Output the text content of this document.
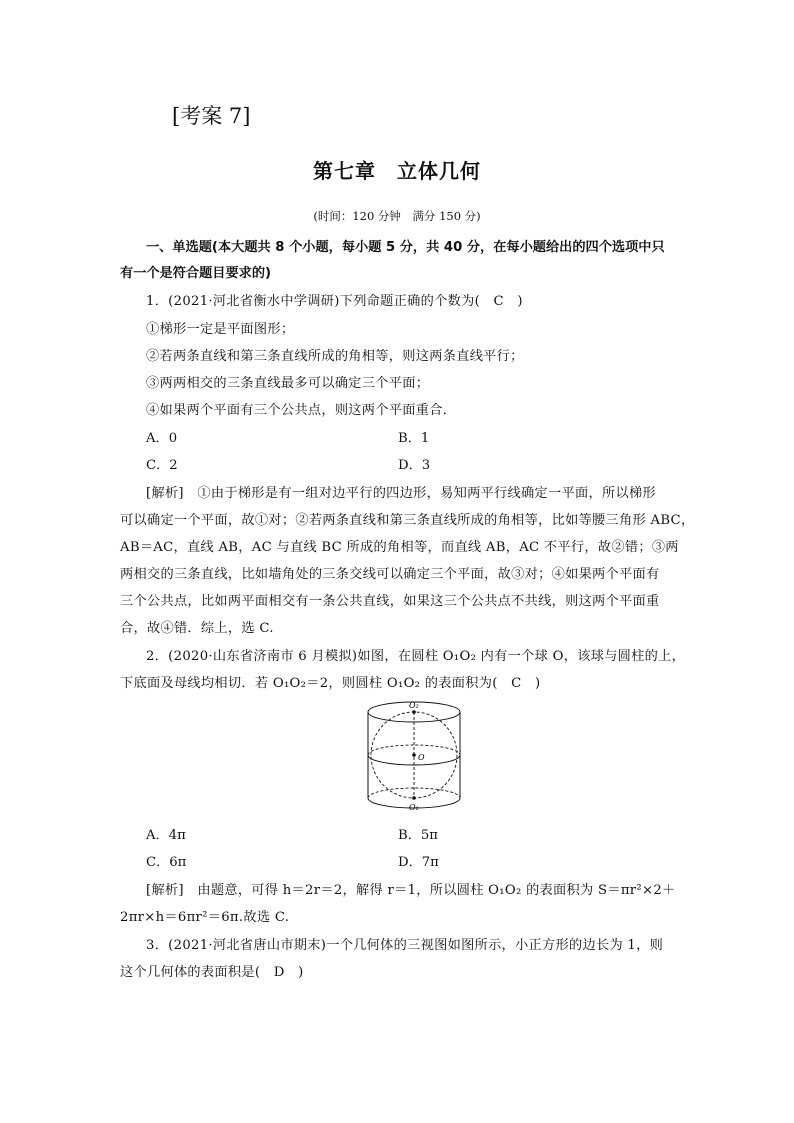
[考案 7]
第七章　立体几何
(时间：120 分钟　满分 150 分)
一、单选题(本大题共 8 个小题，每小题 5 分，共 40 分，在每小题给出的四个选项中只
有一个是符合题目要求的)
1．(2021·河北省衡水中学调研)下列命题正确的个数为(　C　)
①梯形一定是平面图形；
②若两条直线和第三条直线所成的角相等，则这两条直线平行；
③两两相交的三条直线最多可以确定三个平面；
④如果两个平面有三个公共点，则这两个平面重合．
A．0	B．1
C．2	D．3
[解析]　①由于梯形是有一组对边平行的四边形，易知两平行线确定一平面，所以梯形
可以确定一个平面，故①对；②若两条直线和第三条直线所成的角相等，比如等腰三角形 ABC，
AB＝AC，直线 AB，AC 与直线 BC 所成的角相等，而直线 AB，AC 不平行，故②错；③两
两相交的三条直线，比如墙角处的三条交线可以确定三个平面，故③对；④如果两个平面有
三个公共点，比如两平面相交有一条公共直线，如果这三个公共点不共线，则这两个平面重
合，故④错．综上，选 C.
2．(2020·山东省济南市 6 月模拟)如图，在圆柱 O₁O₂ 内有一个球 O，该球与圆柱的上，
下底面及母线均相切．若 O₁O₂＝2，则圆柱 O₁O₂ 的表面积为(　C　)
O₂
O
O₁
A．4π	B．5π
C．6π	D．7π
[解析]　由题意，可得 h＝2r＝2，解得 r＝1，所以圆柱 O₁O₂ 的表面积为 S＝πr²×2＋
2πr×h＝6πr²＝6π.故选 C.
3．(2021·河北省唐山市期末)一个几何体的三视图如图所示，小正方形的边长为 1，则
这个几何体的表面积是(　D　)
